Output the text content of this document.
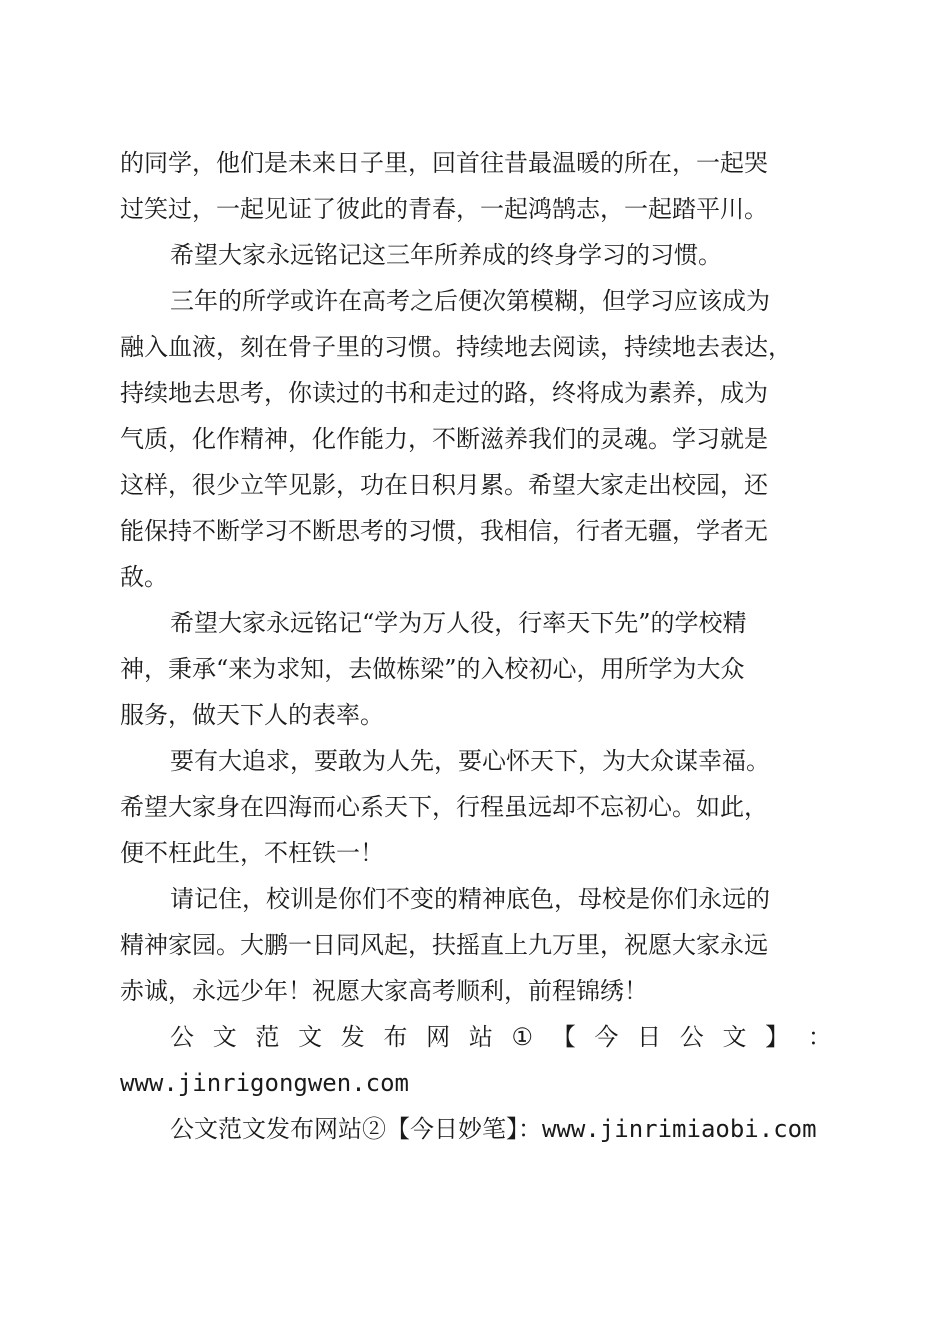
的同学，他们是未来日子里，回首往昔最温暖的所在，一起哭
过笑过，一起见证了彼此的青春，一起鸿鹄志，一起踏平川。
希望大家永远铭记这三年所养成的终身学习的习惯。
三年的所学或许在高考之后便次第模糊，但学习应该成为
融入血液，刻在骨子里的习惯。持续地去阅读，持续地去表达，
持续地去思考，你读过的书和走过的路，终将成为素养，成为
气质，化作精神，化作能力，不断滋养我们的灵魂。学习就是
这样，很少立竿见影，功在日积月累。希望大家走出校园，还
能保持不断学习不断思考的习惯，我相信，行者无疆，学者无
敌。
希望大家永远铭记“学为万人役，行率天下先”的学校精
神，秉承“来为求知，去做栋梁”的入校初心，用所学为大众
服务，做天下人的表率。
要有大追求，要敢为人先，要心怀天下，为大众谋幸福。
希望大家身在四海而心系天下，行程虽远却不忘初心。如此，
便不枉此生，不枉铁一！
请记住，校训是你们不变的精神底色，母校是你们永远的
精神家园。大鹏一日同风起，扶摇直上九万里，祝愿大家永远
赤诚，永远少年！祝愿大家高考顺利，前程锦绣！
公 文 范 文 发 布 网 站 ① 【 今 日 公 文 】 ：
www.jinrigongwen.com
公文范文发布网站②【今日妙笔】：www.jinrimiaobi.com
